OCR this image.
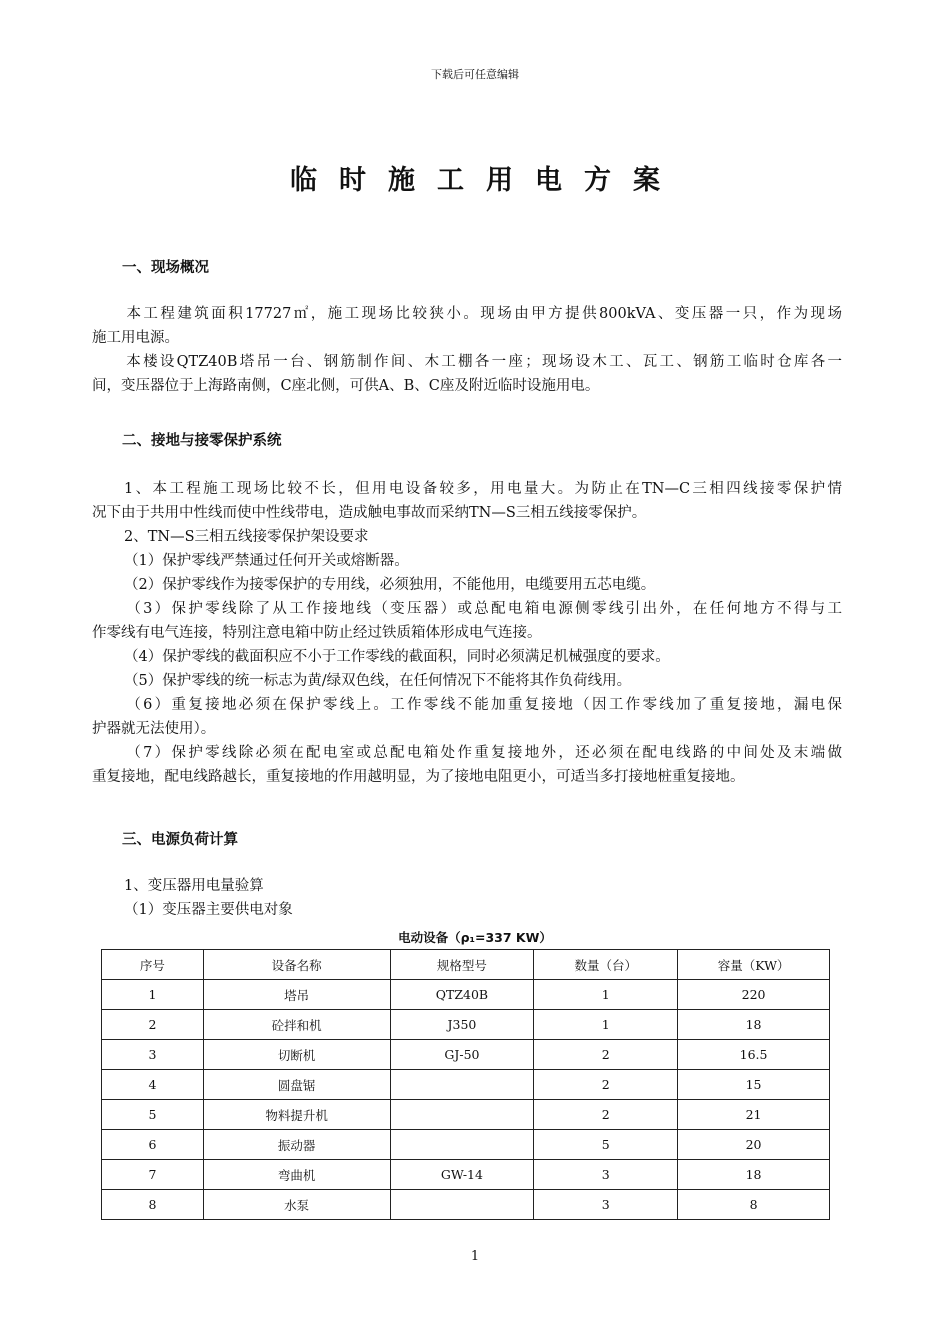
下载后可任意编辑
临时施工用电方案
一、现场概况
本工程建筑面积17727㎡，施工现场比较狭小。现场由甲方提供800kVA、变压器一只，作为现场
施工用电源。
本楼设QTZ40B塔吊一台、钢筋制作间、木工棚各一座；现场设木工、瓦工、钢筋工临时仓库各一
间，变压器位于上海路南侧，C座北侧，可供A、B、C座及附近临时设施用电。
二、接地与接零保护系统
1、本工程施工现场比较不长，但用电设备较多，用电量大。为防止在TN—C三相四线接零保护情
况下由于共用中性线而使中性线带电，造成触电事故而采纳TN—S三相五线接零保护。
2、TN—S三相五线接零保护架设要求
（1）保护零线严禁通过任何开关或熔断器。
（2）保护零线作为接零保护的专用线，必须独用，不能他用，电缆要用五芯电缆。
（3）保护零线除了从工作接地线（变压器）或总配电箱电源侧零线引出外，在任何地方不得与工
作零线有电气连接，特别注意电箱中防止经过铁质箱体形成电气连接。
（4）保护零线的截面积应不小于工作零线的截面积，同时必须满足机械强度的要求。
（5）保护零线的统一标志为黄/绿双色线，在任何情况下不能将其作负荷线用。
（6）重复接地必须在保护零线上。工作零线不能加重复接地（因工作零线加了重复接地，漏电保
护器就无法使用）。
（7）保护零线除必须在配电室或总配电箱处作重复接地外，还必须在配电线路的中间处及末端做
重复接地，配电线路越长，重复接地的作用越明显，为了接地电阻更小，可适当多打接地桩重复接地。
三、电源负荷计算
1、变压器用电量验算
（1）变压器主要供电对象
电动设备（ρ₁=337 KW）
序号	设备名称	规格型号	数量（台）	容量（KW）
1	塔吊	QTZ40B	1	220
2	砼拌和机	J350	1	18
3	切断机	GJ-50	2	16.5
4	圆盘锯		2	15
5	物料提升机		2	21
6	振动器		5	20
7	弯曲机	GW-14	3	18
8	水泵		3	8
1
